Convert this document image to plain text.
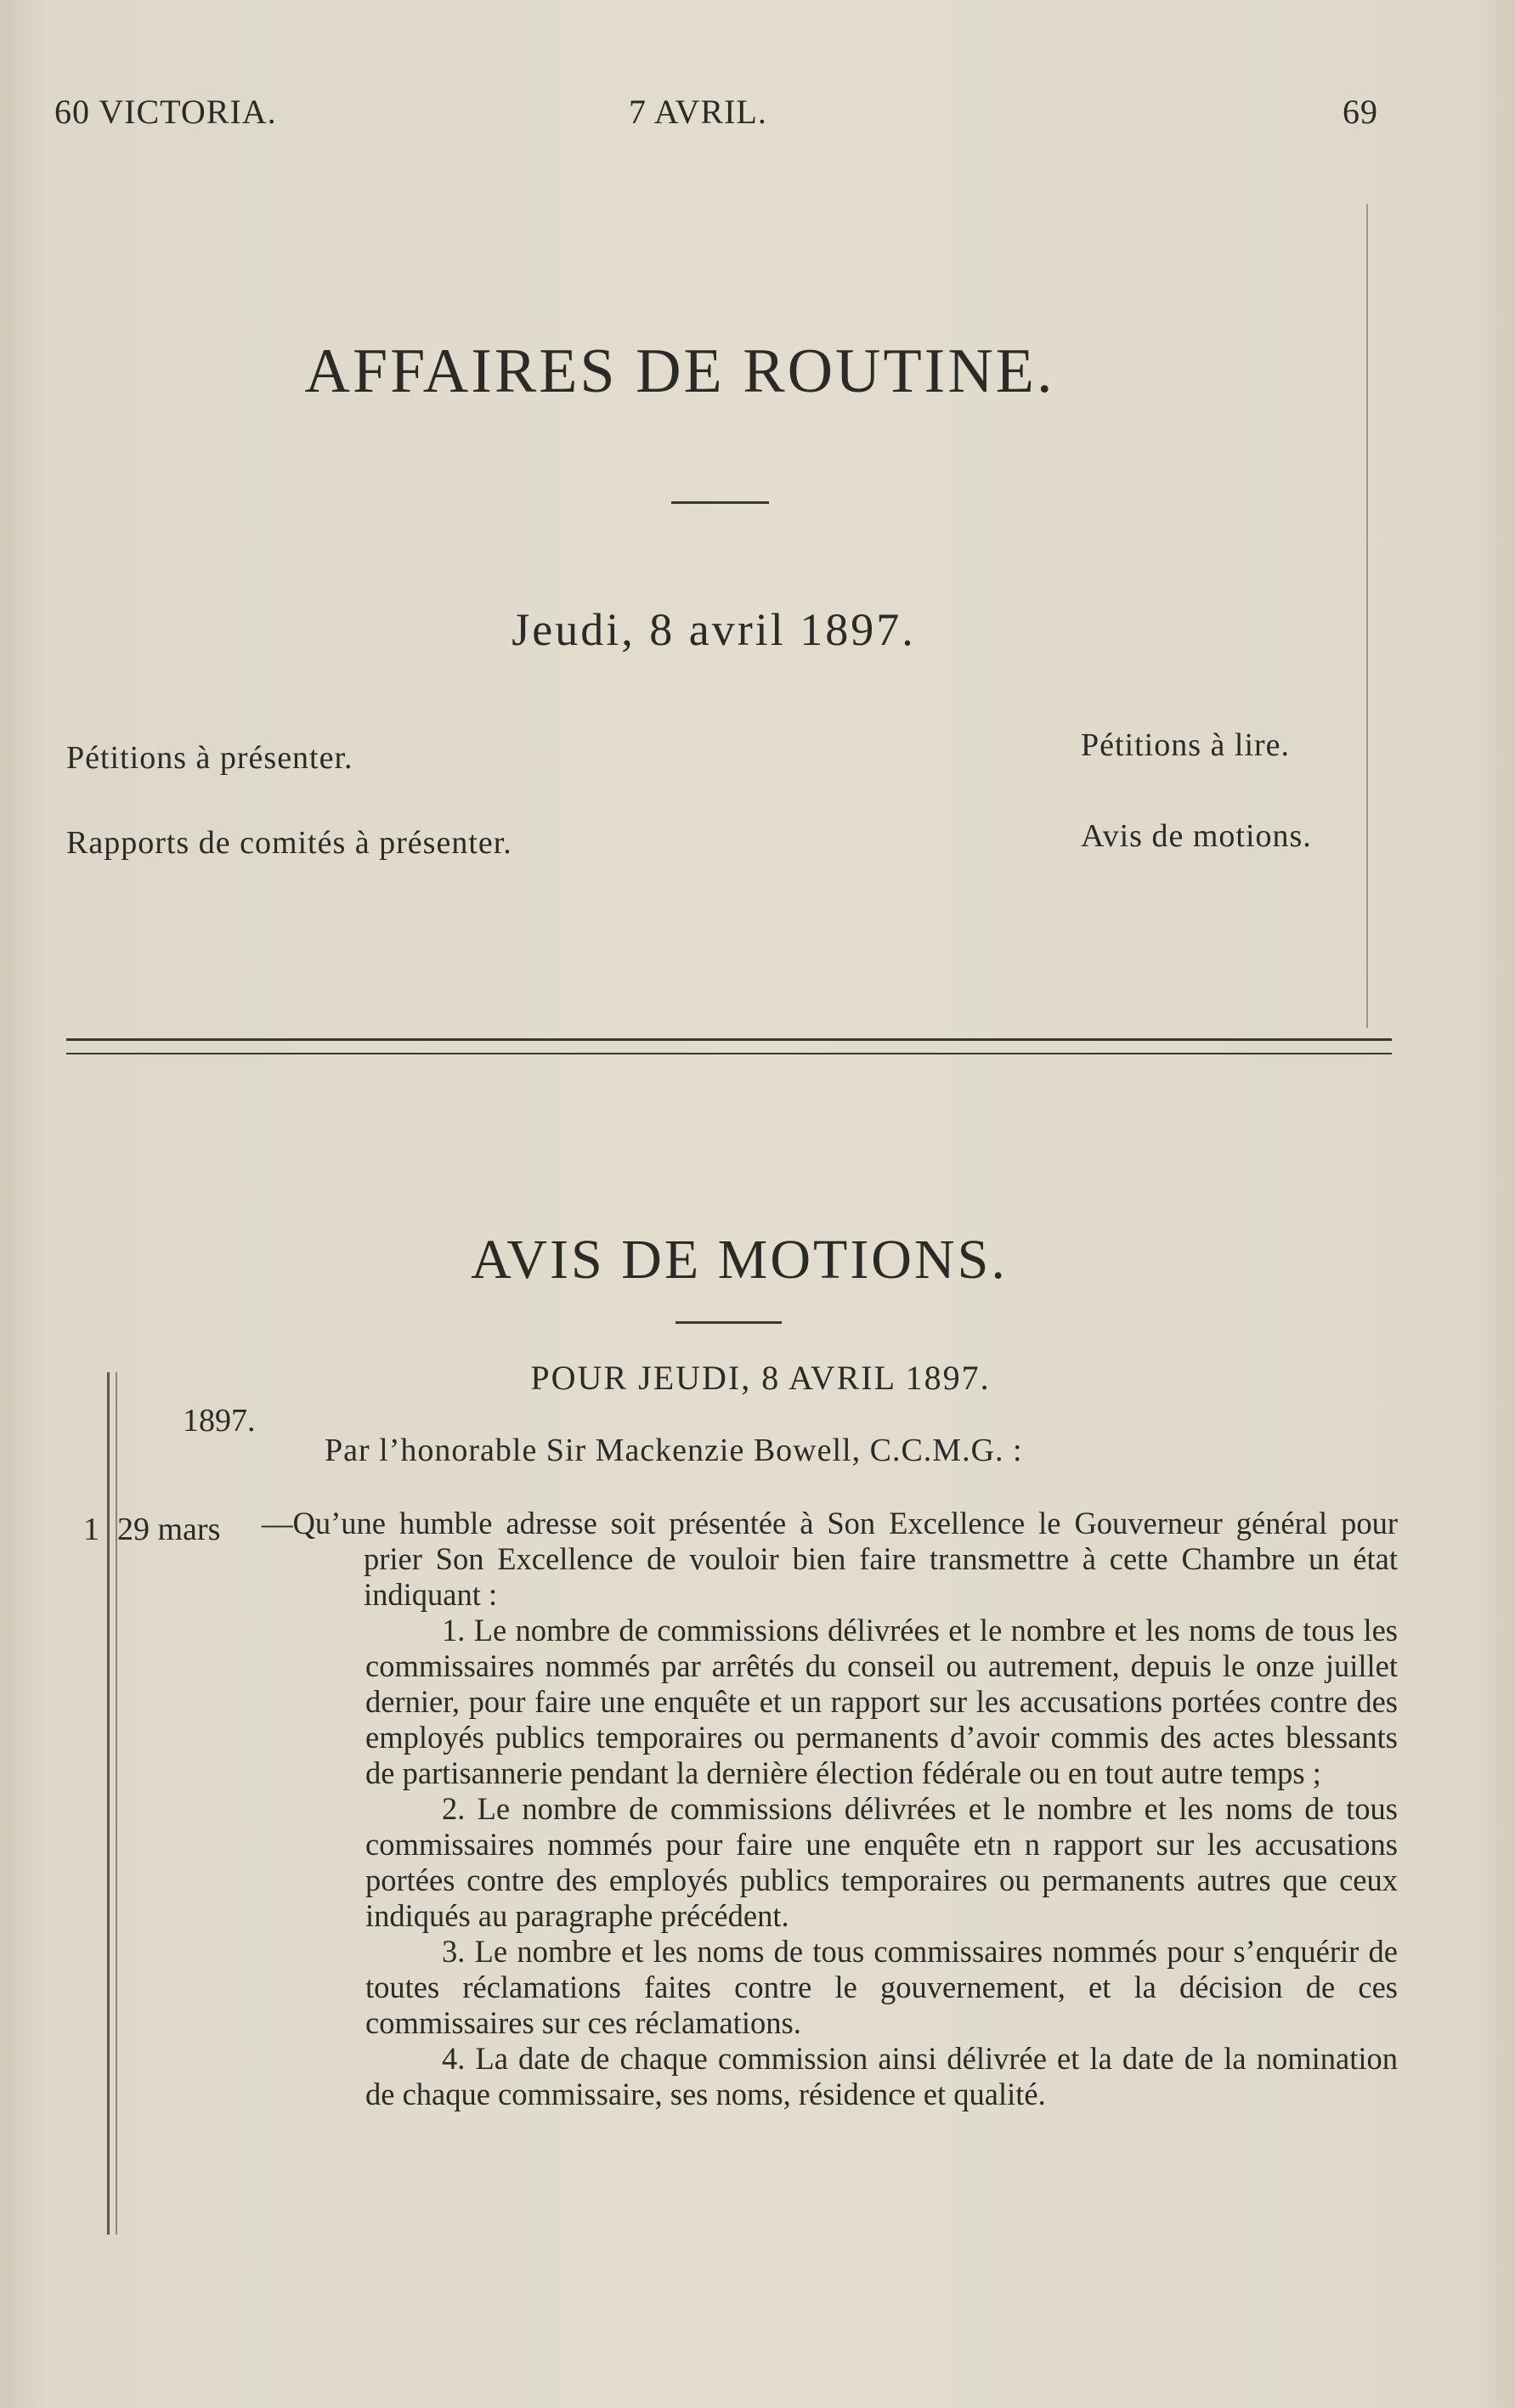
60 VICTORIA.	7 AVRIL.	69
AFFAIRES DE ROUTINE.
Jeudi, 8 avril 1897.
Pétitions à présenter.
Rapports de comités à présenter.
Pétitions à lire.
Avis de motions.
AVIS DE MOTIONS.
POUR JEUDI, 8 AVRIL 1897.
1897.
Par l’honorable Sir Mackenzie Bowell, C.C.M.G. :
1 29 mars —Qu’une humble adresse soit présentée à Son Excellence le Gouverneur général pour prier Son Excellence de vouloir bien faire transmettre à cette Chambre un état indiquant :

1. Le nombre de commissions délivrées et le nombre et les noms de tous les commissaires nommés par arrêtés du conseil ou autrement, depuis le onze juillet dernier, pour faire une enquête et un rapport sur les accusations portées contre des employés publics temporaires ou permanents d’avoir commis des actes blessants de partisannerie pendant la dernière élection fédérale ou en tout autre temps ;

2. Le nombre de commissions délivrées et le nombre et les noms de tous commissaires nommés pour faire une enquête etn n rapport sur les accusations portées contre des employés publics temporaires ou permanents autres que ceux indiqués au paragraphe précédent.

3. Le nombre et les noms de tous commissaires nommés pour s’enquérir de toutes réclamations faites contre le gouvernement, et la décision de ces commissaires sur ces réclamations.

4. La date de chaque commission ainsi délivrée et la date de la nomination de chaque commissaire, ses noms, résidence et qualité.
